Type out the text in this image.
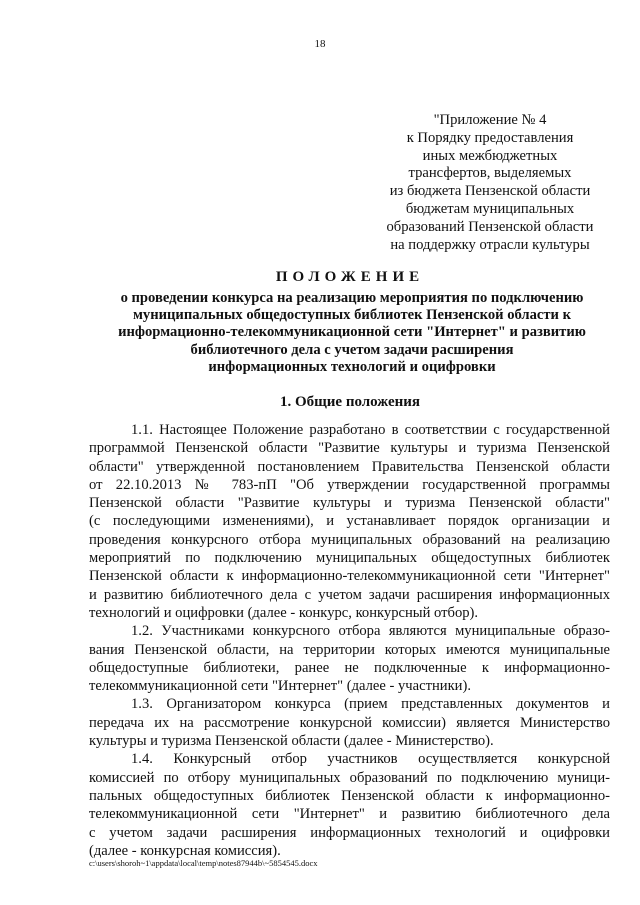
18
"Приложение № 4
к Порядку предоставления
иных межбюджетных
трансфертов, выделяемых
из бюджета Пензенской области
бюджетам муниципальных
образований Пензенской области
на поддержку отрасли культуры
ПОЛОЖЕНИЕ
о проведении конкурса на реализацию мероприятия по подключению
муниципальных общедоступных библиотек Пензенской области к
информационно-телекоммуникационной сети "Интернет" и развитию
библиотечного дела с учетом задачи расширения
информационных технологий и оцифровки
1. Общие положения
1.1. Настоящее Положение разработано в соответствии с государственной
программой Пензенской области "Развитие культуры и туризма Пензенской
области" утвержденной постановлением Правительства Пензенской области
от 22.10.2013 № 783-пП "Об утверждении государственной программы
Пензенской области "Развитие культуры и туризма Пензенской области"
(с последующими изменениями), и устанавливает порядок организации и
проведения конкурсного отбора муниципальных образований на реализацию
мероприятий по подключению муниципальных общедоступных библиотек
Пензенской области к информационно-телекоммуникационной сети "Интернет"
и развитию библиотечного дела с учетом задачи расширения информационных
технологий и оцифровки (далее - конкурс, конкурсный отбор).
1.2. Участниками конкурсного отбора являются муниципальные образо-
вания Пензенской области, на территории которых имеются муниципальные
общедоступные библиотеки, ранее не подключенные к информационно-
телекоммуникационной сети "Интернет" (далее - участники).
1.3. Организатором конкурса (прием представленных документов и
передача их на рассмотрение конкурсной комиссии) является Министерство
культуры и туризма Пензенской области (далее - Министерство).
1.4. Конкурсный отбор участников осуществляется конкурсной
комиссией по отбору муниципальных образований по подключению муници-
пальных общедоступных библиотек Пензенской области к информационно-
телекоммуникационной сети "Интернет" и развитию библиотечного дела
с учетом задачи расширения информационных технологий и оцифровки
(далее - конкурсная комиссия).
c:\users\shoroh~1\appdata\local\temp\notes87944b\~5854545.docx
